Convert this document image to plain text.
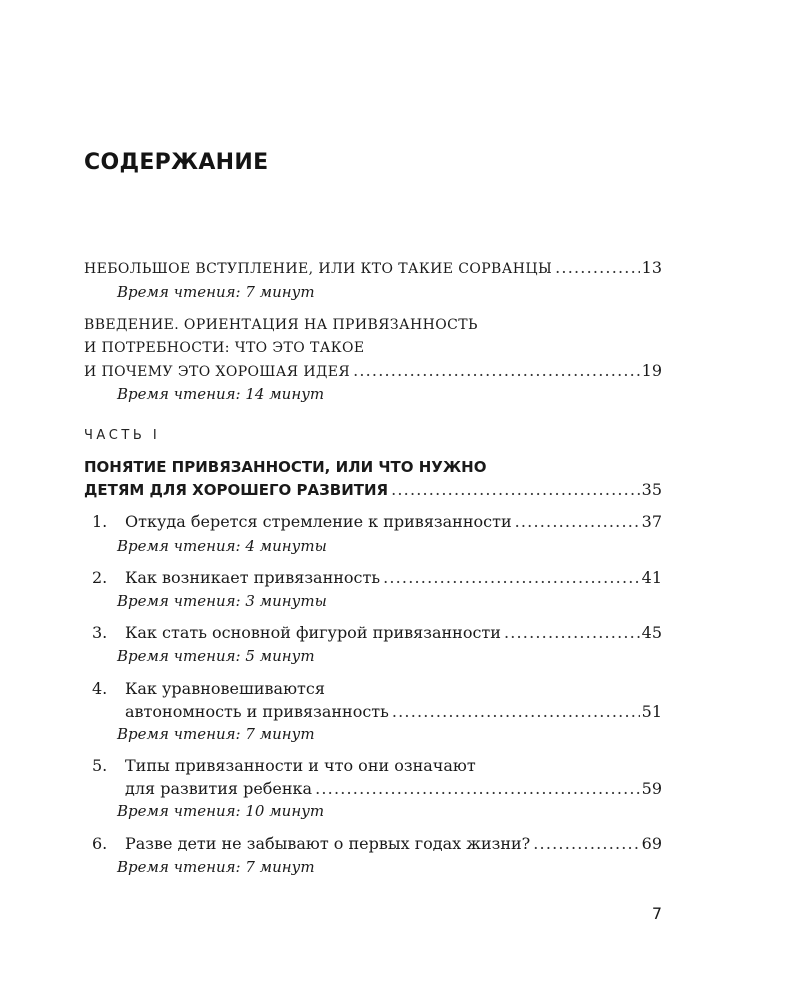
СОДЕРЖАНИЕ
НЕБОЛЬШОЕ ВСТУПЛЕНИЕ, ИЛИ КТО ТАКИЕ СОРВАНЦЫ .....	13
Время чтения: 7 минут
ВВЕДЕНИЕ. ОРИЕНТАЦИЯ НА ПРИВЯЗАННОСТЬ
И ПОТРЕБНОСТИ: ЧТО ЭТО ТАКОЕ
И ПОЧЕМУ ЭТО ХОРОШАЯ ИДЕЯ .....	19
Время чтения: 14 минут
ЧАСТЬ I
ПОНЯТИЕ ПРИВЯЗАННОСТИ, ИЛИ ЧТО НУЖНО
ДЕТЯМ ДЛЯ ХОРОШЕГО РАЗВИТИЯ .....	35
1. Откуда берется стремление к привязанности .....	37
Время чтения: 4 минуты
2. Как возникает привязанность .....	41
Время чтения: 3 минуты
3. Как стать основной фигурой привязанности .....	45
Время чтения: 5 минут
4. Как уравновешиваются
автономность и привязанность .....	51
Время чтения: 7 минут
5. Типы привязанности и что они означают
для развития ребенка .....	59
Время чтения: 10 минут
6. Разве дети не забывают о первых годах жизни? .....	69
Время чтения: 7 минут
7
